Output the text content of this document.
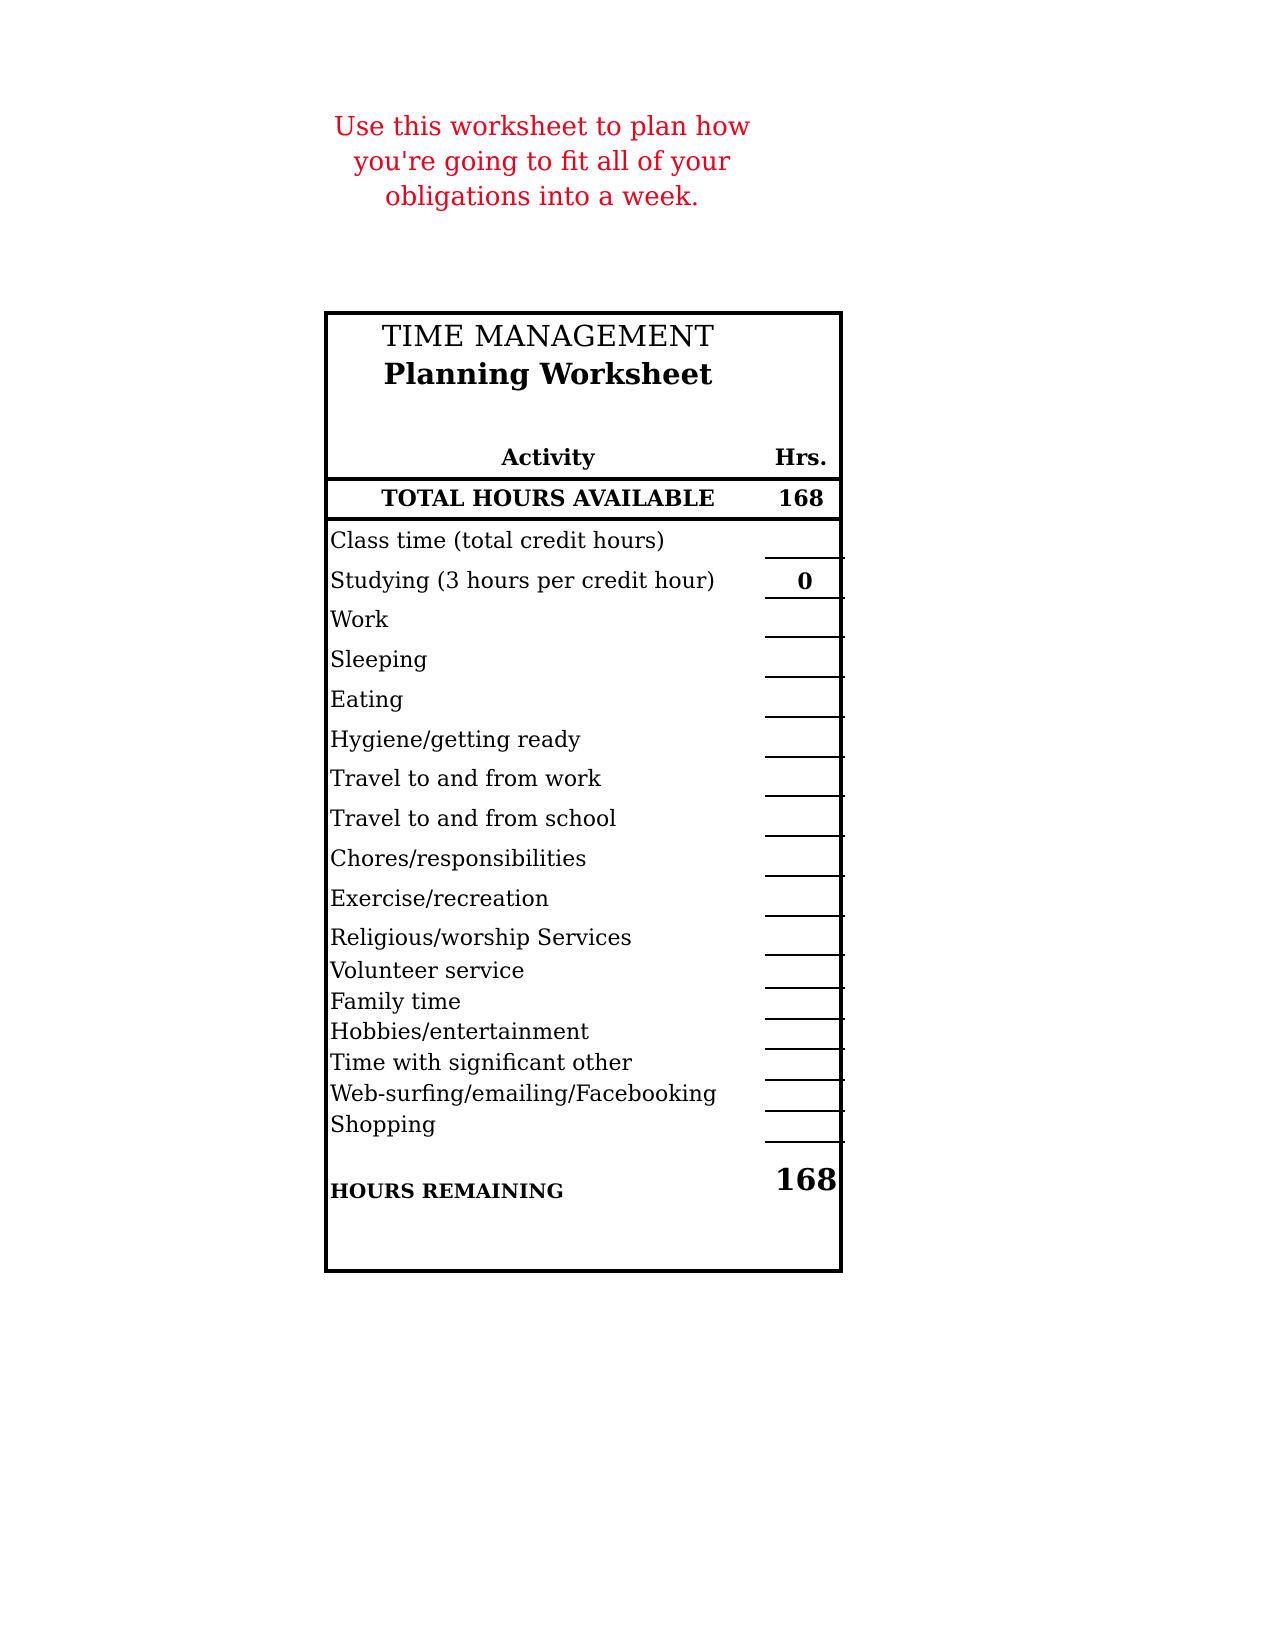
Use this worksheet to plan how
you're going to fit all of your
obligations into a week.
TIME MANAGEMENT
Planning Worksheet
Activity	Hrs.
TOTAL HOURS AVAILABLE	168
Class time (total credit hours)
Studying (3 hours per credit hour)	0
Work
Sleeping
Eating
Hygiene/getting ready
Travel to and from work
Travel to and from school
Chores/responsibilities
Exercise/recreation
Religious/worship Services
Volunteer service
Family time
Hobbies/entertainment
Time with significant other
Web-surfing/emailing/Facebooking
Shopping
HOURS REMAINING	168
